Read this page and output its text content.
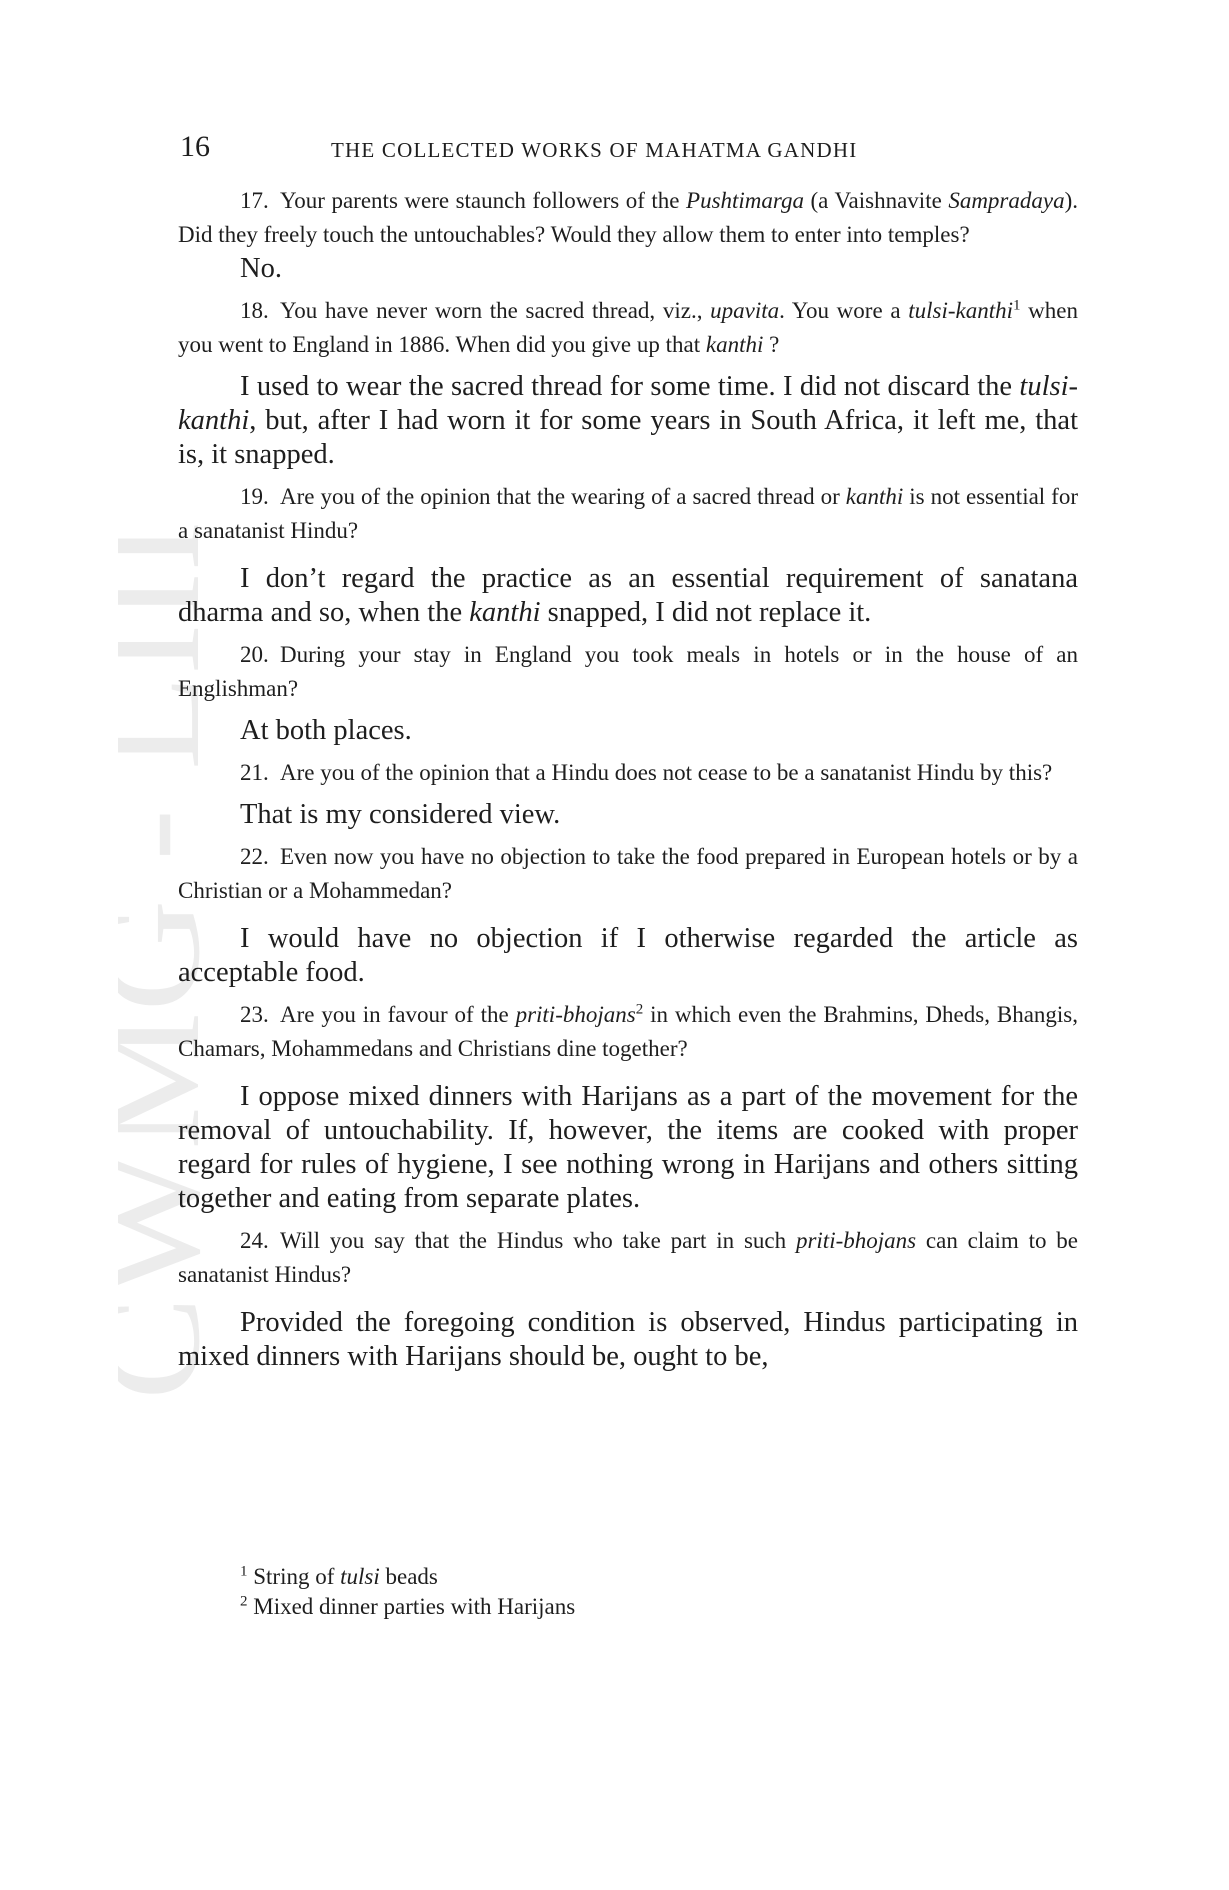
CWMG LIII
16	THE COLLECTED WORKS OF MAHATMA GANDHI

17. Your parents were staunch followers of the Pushtimarga (a Vaishnavite Sampradaya). Did they freely touch the untouchables? Would they allow them to enter into temples?

No.

18. You have never worn the sacred thread, viz., upavita. You wore a tulsi-kanthi$^1$ when you went to England in 1886. When did you give up that kanthi ?

I used to wear the sacred thread for some time. I did not discard the tulsi-kanthi, but, after I had worn it for some years in South Africa, it left me, that is, it snapped.

19. Are you of the opinion that the wearing of a sacred thread or kanthi is not essential for a sanatanist Hindu?

I don’t regard the practice as an essential requirement of sanatana dharma and so, when the kanthi snapped, I did not replace it.

20. During your stay in England you took meals in hotels or in the house of an Englishman?

At both places.

21. Are you of the opinion that a Hindu does not cease to be a sanatanist Hindu by this?

That is my considered view.

22. Even now you have no objection to take the food prepared in European hotels or by a Christian or a Mohammedan?

I would have no objection if I otherwise regarded the article as acceptable food.

23. Are you in favour of the priti-bhojans$^2$ in which even the Brahmins, Dheds, Bhangis, Chamars, Mohammedans and Christians dine together?

I oppose mixed dinners with Harijans as a part of the movement for the removal of untouchability. If, however, the items are cooked with proper regard for rules of hygiene, I see nothing wrong in Harijans and others sitting together and eating from separate plates.

24. Will you say that the Hindus who take part in such priti-bhojans can claim to be sanatanist Hindus?

Provided the foregoing condition is observed, Hindus participating in mixed dinners with Harijans should be, ought to be,

$^1$ String of tulsi beads
$^2$ Mixed dinner parties with Harijans
